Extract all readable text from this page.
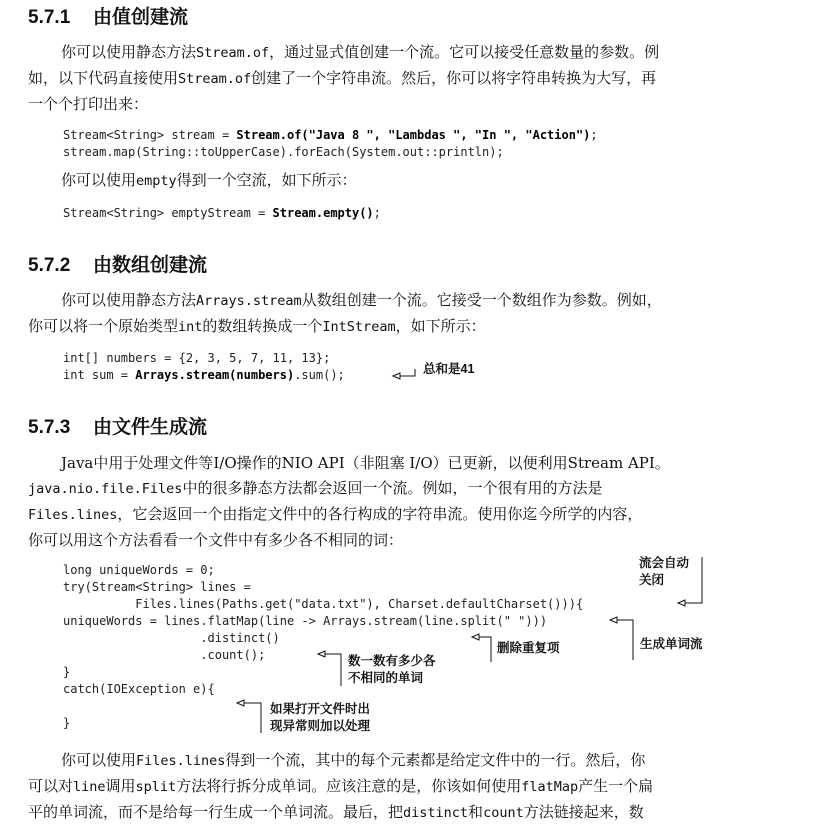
5.7.1 由值创建流

你可以使用静态方法Stream.of，通过显式值创建一个流。它可以接受任意数量的参数。例
如，以下代码直接使用Stream.of创建了一个字符串流。然后，你可以将字符串转换为大写，再
一个个打印出来：

Stream<String> stream = Stream.of("Java 8 ", "Lambdas ", "In ", "Action");
stream.map(String::toUpperCase).forEach(System.out::println);

你可以使用empty得到一个空流，如下所示：

Stream<String> emptyStream = Stream.empty();
5.7.2 由数组创建流

你可以使用静态方法Arrays.stream从数组创建一个流。它接受一个数组作为参数。例如，
你可以将一个原始类型int的数组转换成一个IntStream，如下所示：

int[] numbers = {2, 3, 5, 7, 11, 13};
int sum = Arrays.stream(numbers).sum();	总和是41
5.7.3 由文件生成流

Java中用于处理文件等I/O操作的NIO API（非阻塞 I/O）已更新，以便利用Stream API。
java.nio.file.Files中的很多静态方法都会返回一个流。例如，一个很有用的方法是
Files.lines，它会返回一个由指定文件中的各行构成的字符串流。使用你迄今所学的内容，
你可以用这个方法看看一个文件中有多少各不相同的词：

long uniqueWords = 0;
try(Stream<String> lines =
Files.lines(Paths.get("data.txt"), Charset.defaultCharset())){
uniqueWords = lines.flatMap(line -> Arrays.stream(line.split(" ")))
.distinct()
.count();
}
catch(IOException e){
}
流会自动
关闭
生成单词流
删除重复项
数一数有多少各
不相同的单词
如果打开文件时出
现异常则加以处理

你可以使用Files.lines得到一个流，其中的每个元素都是给定文件中的一行。然后，你
可以对line调用split方法将行拆分成单词。应该注意的是，你该如何使用flatMap产生一个扁
平的单词流，而不是给每一行生成一个单词流。最后，把distinct和count方法链接起来，数
